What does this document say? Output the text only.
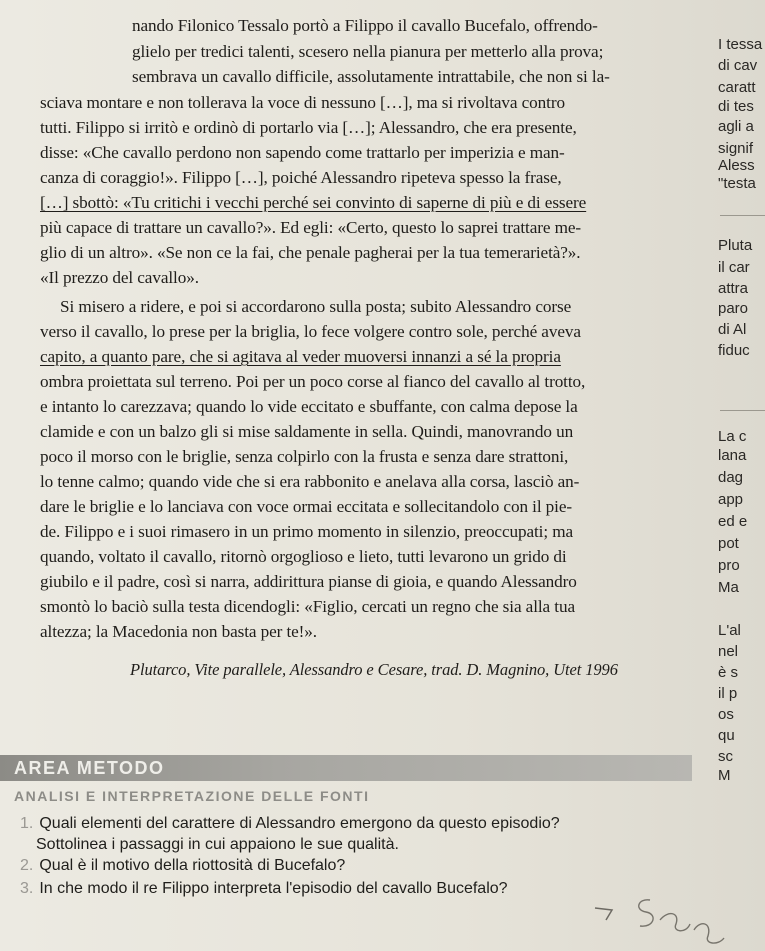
nando Filonico Tessalo portò a Filippo il cavallo Bucefalo, offrendo-
glielo per tredici talenti, scesero nella pianura per metterlo alla prova;
sembrava un cavallo difficile, assolutamente intrattabile, che non si la-
sciava montare e non tollerava la voce di nessuno […], ma si rivoltava contro
tutti. Filippo si irritò e ordinò di portarlo via […]; Alessandro, che era presente,
disse: «Che cavallo perdono non sapendo come trattarlo per imperizia e man-
canza di coraggio!». Filippo […], poiché Alessandro ripeteva spesso la frase,
[…] sbottò: «Tu critichi i vecchi perché sei convinto di saperne di più e di essere
più capace di trattare un cavallo?». Ed egli: «Certo, questo lo saprei trattare me-
glio di un altro». «Se non ce la fai, che penale pagherai per la tua temerarietà?».
«Il prezzo del cavallo».
Si misero a ridere, e poi si accordarono sulla posta; subito Alessandro corse
verso il cavallo, lo prese per la briglia, lo fece volgere contro sole, perché aveva
capito, a quanto pare, che si agitava al veder muoversi innanzi a sé la propria
ombra proiettata sul terreno. Poi per un poco corse al fianco del cavallo al trotto,
e intanto lo carezzava; quando lo vide eccitato e sbuffante, con calma depose la
clamide e con un balzo gli si mise saldamente in sella. Quindi, manovrando un
poco il morso con le briglie, senza colpirlo con la frusta e senza dare strattoni,
lo tenne calmo; quando vide che si era rabbonito e anelava alla corsa, lasciò an-
dare le briglie e lo lanciava con voce ormai eccitata e sollecitandolo con il pie-
de. Filippo e i suoi rimasero in un primo momento in silenzio, preoccupati; ma
quando, voltato il cavallo, ritornò orgoglioso e lieto, tutti levarono un grido di
giubilo e il padre, così si narra, addirittura pianse di gioia, e quando Alessandro
smontò lo baciò sulla testa dicendogli: «Figlio, cercati un regno che sia alla tua
altezza; la Macedonia non basta per te!».
Plutarco, Vite parallele, Alessandro e Cesare, trad. D. Magnino, Utet 1996
I tessa
di cav
caratt
di tes
agli a
signif
Aless
"testa
Pluta
il car
attra
paro
di Al
fiduc
La c
lana
dag
app
ed e
pot
pro
Ma
L'al
nel
è s
il p
os
qu
sc
M
AREA METODO
ANALISI E INTERPRETAZIONE DELLE FONTI
1. Quali elementi del carattere di Alessandro emergono da questo episodio?
Sottolinea i passaggi in cui appaiono le sue qualità.
2. Qual è il motivo della riottosità di Bucefalo?
3. In che modo il re Filippo interpreta l'episodio del cavallo Bucefalo?
